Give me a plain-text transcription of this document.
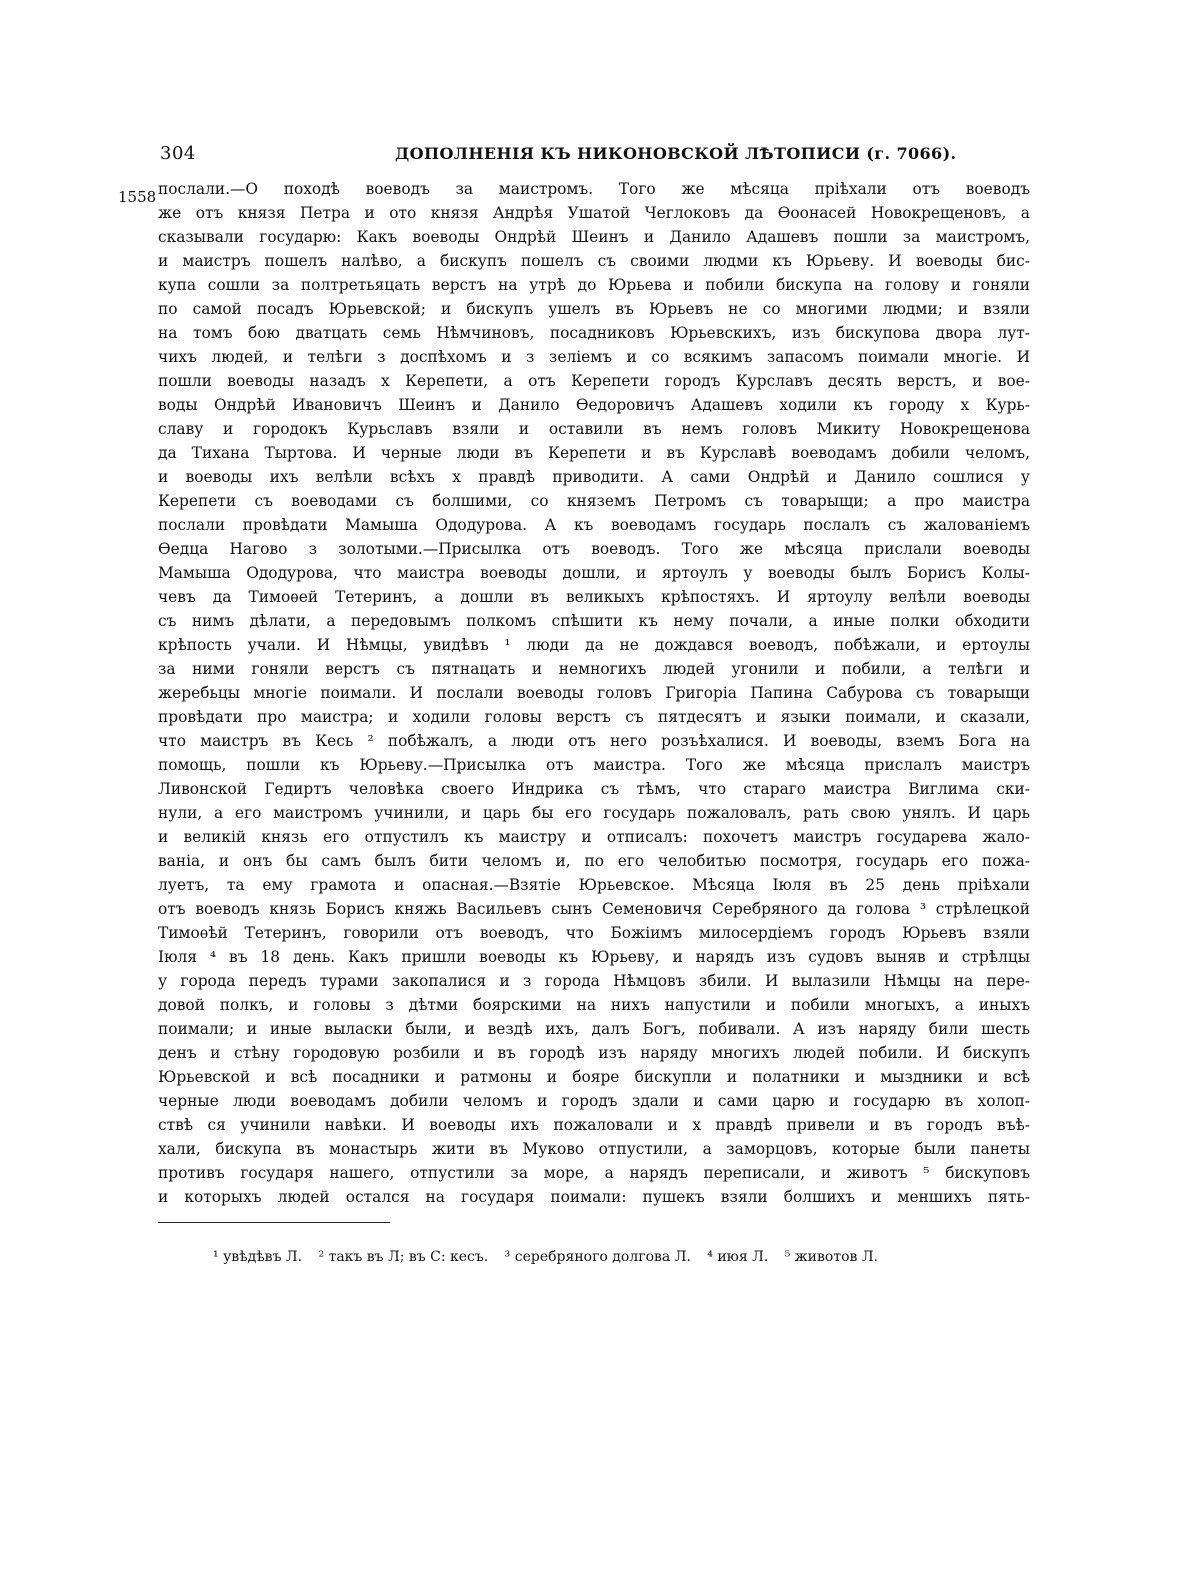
304	ДОПОЛНЕНІЯ КЪ НИКОНОВСКОЙ ЛѢТОПИСИ (г. 7066).
1558 послали.—О походѣ воеводъ за маистромъ. Того же мѣсяца пріѣхали отъ воеводъ
же отъ князя Петра и ото князя Андрѣя Ушатой Чеглоковъ да Ѳоонасей Новокрещеновъ, а
сказывали государю: Какъ воеводы Ондрѣй Шеинъ и Данило Адашевъ пошли за маистромъ,
и маистръ пошелъ налѣво, а бискупъ пошелъ съ своими людми къ Юрьеву. И воеводы бис-
купа сошли за полтретьяцать верстъ на утрѣ до Юрьева и побили бискупа на голову и гоняли
по самой посадъ Юрьевской; и бискупъ ушелъ въ Юрьевъ не со многими людми; и взяли
на томъ бою дватцать семь Нѣмчиновъ, посадниковъ Юрьевскихъ, изъ бискупова двора лут-
чихъ людей, и телѣги з доспѣхомъ и з зеліемъ и со всякимъ запасомъ поимали многіе. И
пошли воеводы назадъ х Керепети, а отъ Керепети городъ Курславъ десять верстъ, и вое-
воды Ондрѣй Ивановичъ Шеинъ и Данило Ѳедоровичъ Адашевъ ходили къ городу х Курь-
славу и городокъ Курьславъ взяли и оставили въ немъ головъ Микиту Новокрещенова
да Тихана Тыртова. И черные люди въ Керепети и въ Курславѣ воеводамъ добили челомъ,
и воеводы ихъ велѣли всѣхъ х правдѣ приводити. А сами Ондрѣй и Данило сошлися у
Керепети съ воеводами съ болшими, со княземъ Петромъ съ товарыщи; а про маистра
послали провѣдати Мамыша Ододурова. А къ воеводамъ государь послалъ съ жалованіемъ
Ѳедца Нагово з золотыми.—Присылка отъ воеводъ. Того же мѣсяца прислали воеводы
Мамыша Ододурова, что маистра воеводы дошли, и яртоулъ у воеводы былъ Борисъ Колы-
чевъ да Тимоѳей Тетеринъ, а дошли въ великыхъ крѣпостяхъ. И яртоулу велѣли воеводы
съ нимъ дѣлати, а передовымъ полкомъ спѣшити къ нему почали, а иные полки обходити
крѣпость учали. И Нѣмцы, увидѣвъ ¹ люди да не дождався воеводъ, побѣжали, и ертоулы
за ними гоняли верстъ съ пятнацать и немногихъ людей угонили и побили, а телѣги и
жеребьцы многіе поимали. И послали воеводы головъ Григоріа Папина Сабурова съ товарыщи
провѣдати про маистра; и ходили головы верстъ съ пятдесятъ и языки поимали, и сказали,
что маистръ въ Кесь ² побѣжалъ, а люди отъ него розъѣхалися. И воеводы, вземъ Бога на
помощь, пошли къ Юрьеву.—Присылка отъ маистра. Того же мѣсяца прислалъ маистръ
Ливонской Гедиртъ человѣка своего Индрика съ тѣмъ, что стараго маистра Виглима ски-
нули, а его маистромъ учинили, и царь бы его государь пожаловалъ, рать свою унялъ. И царь
и великій князь его отпустилъ къ маистру и отписалъ: похочетъ маистръ государева жало-
ваніа, и онъ бы самъ былъ бити челомъ и, по его челобитью посмотря, государь его пожа-
луетъ, та ему грамота и опасная.—Взятіе Юрьевское. Мѣсяца Іюля въ 25 день пріѣхали
отъ воеводъ князь Борисъ княжь Васильевъ сынъ Семеновичя Серебряного да голова ³ стрѣлецкой
Тимоѳѣй Тетеринъ, говорили отъ воеводъ, что Божіимъ милосердіемъ городъ Юрьевъ взяли
Іюля ⁴ въ 18 день. Какъ пришли воеводы къ Юрьеву, и нарядъ изъ судовъ выняв и стрѣлцы
у города передъ турами закопалися и з города Нѣмцовъ збили. И вылазили Нѣмцы на пере-
довой полкъ, и головы з дѣтми боярскими на нихъ напустили и побили многыхъ, а иныхъ
поимали; и иные выласки были, и вездѣ ихъ, далъ Богъ, побивали. А изъ наряду били шесть
денъ и стѣну городовую розбили и въ городѣ изъ наряду многихъ людей побили. И бискупъ
Юрьевской и всѣ посадники и ратмоны и бояре бискупли и полатники и мыздники и всѣ
черные люди воеводамъ добили челомъ и городъ здали и сами царю и государю въ холоп-
ствѣ ся учинили навѣки. И воеводы ихъ пожаловали и х правдѣ привели и въ городъ въѣ-
хали, бискупа въ монастырь жити въ Муково отпустили, а заморцовъ, которые были панеты
противъ государя нашего, отпустили за море, а нарядъ переписали, и животъ ⁵ бискуповъ
и которыхъ людей остался на государя поимали: пушекъ взяли болшихъ и меншихъ пять-
¹ увѣдѣвъ Л. ² такъ въ Л; въ С: кесъ. ³ серебряного долгова Л. ⁴ июя Л. ⁵ животов Л.
